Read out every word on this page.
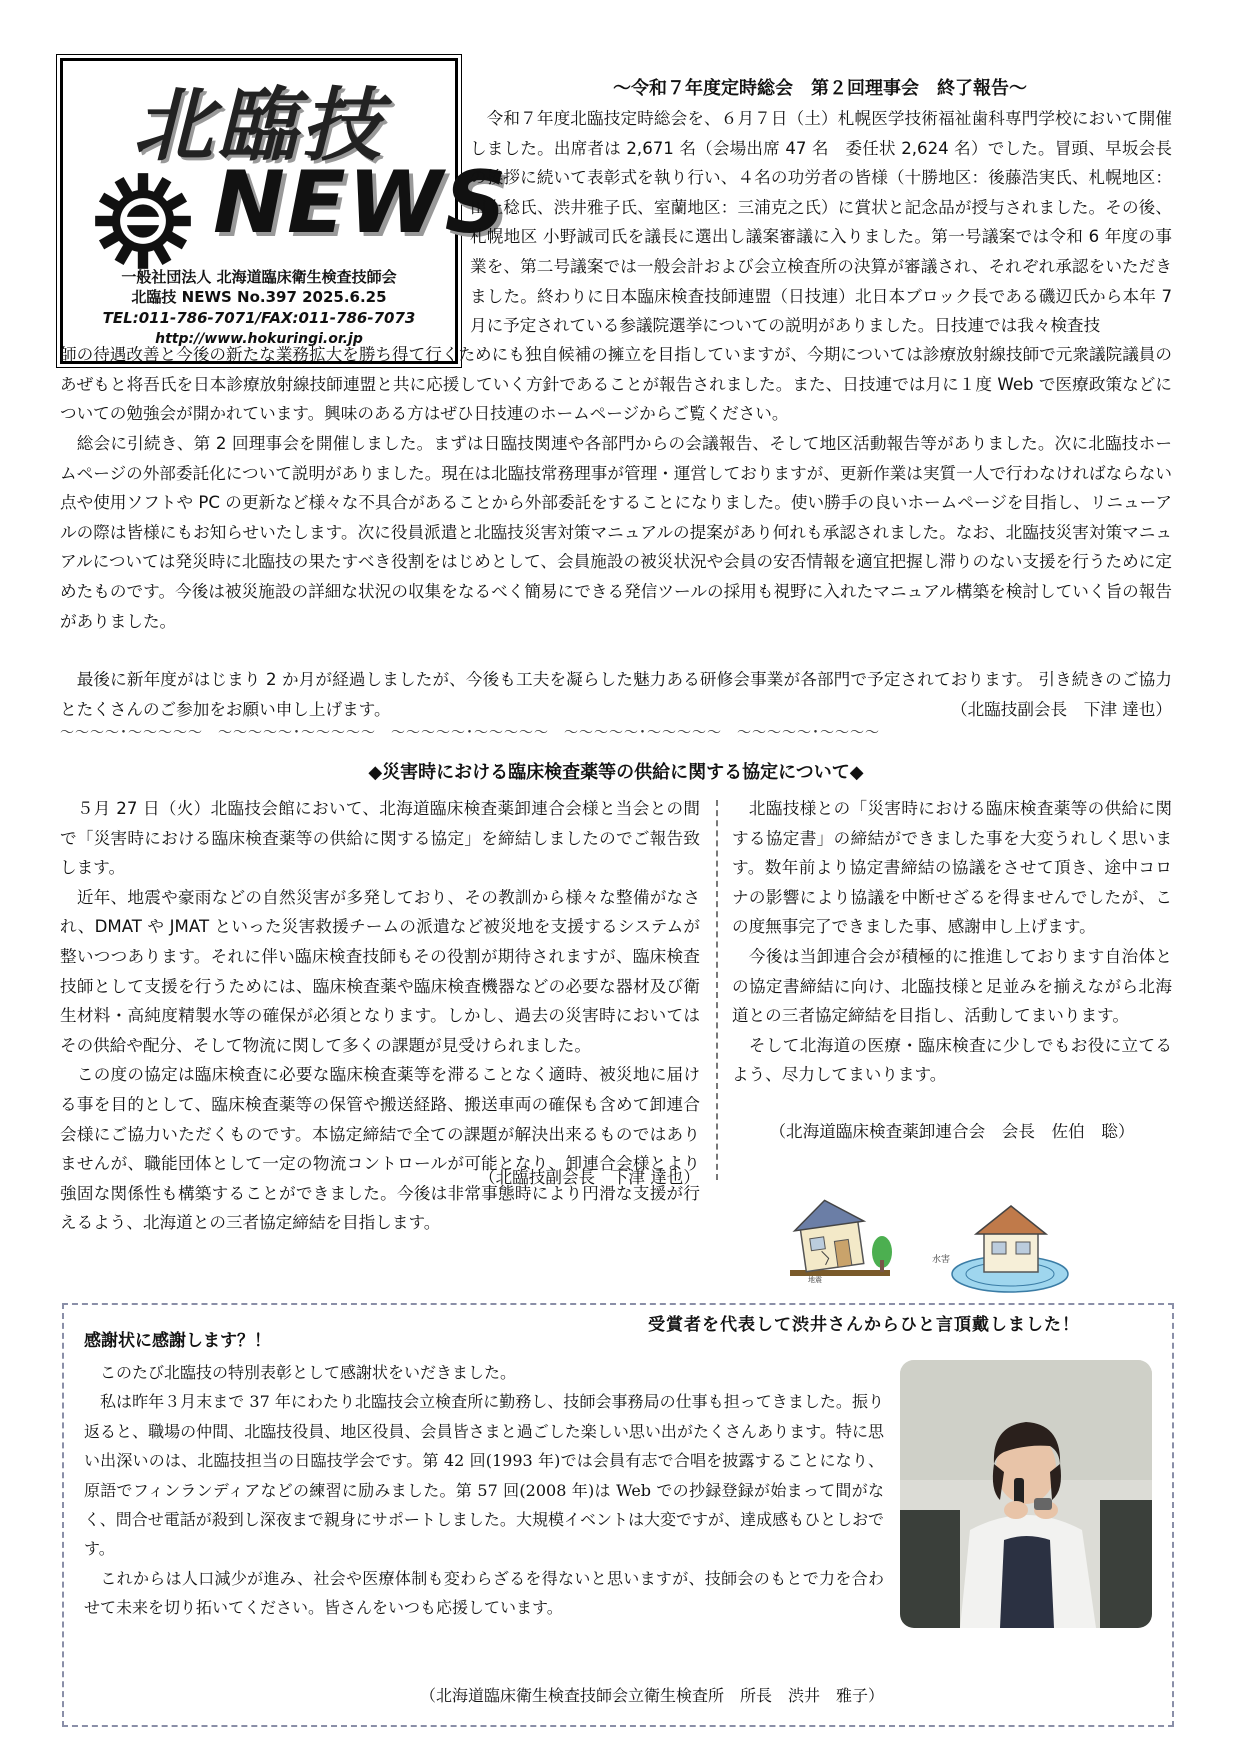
北臨技
NEWS
一般社団法人 北海道臨床衛生検査技師会
北臨技 NEWS No.397 2025.6.25
TEL:011-786-7071/FAX:011-786-7073
http://www.hokuringi.or.jp
～令和７年度定時総会　第２回理事会　終了報告～
　令和７年度北臨技定時総会を、６月７日（土）札幌医学技術福祉歯科専門学校において開催しました。出席者は 2,671 名（会場出席 47 名　委任状 2,624 名）でした。冒頭、早坂会長の挨拶に続いて表彰式を執り行い、４名の功労者の皆様（十勝地区：後藤浩実氏、札幌地区：田上稔氏、渋井雅子氏、室蘭地区：三浦克之氏）に賞状と記念品が授与されました。その後、札幌地区 小野誠司氏を議長に選出し議案審議に入りました。第一号議案では令和 6 年度の事業を、第二号議案では一般会計および会立検査所の決算が審議され、それぞれ承認をいただきました。終わりに日本臨床検査技師連盟（日技連）北日本ブロック長である磯辺氏から本年 7 月に予定されている参議院選挙についての説明がありました。日技連では我々検査技
師の待遇改善と今後の新たな業務拡大を勝ち得て行くためにも独自候補の擁立を目指していますが、今期については診療放射線技師で元衆議院議員のあぜもと将吾氏を日本診療放射線技師連盟と共に応援していく方針であることが報告されました。また、日技連では月に１度 Web で医療政策などについての勉強会が開かれています。興味のある方はぜひ日技連のホームページからご覧ください。
　総会に引続き、第 2 回理事会を開催しました。まずは日臨技関連や各部門からの会議報告、そして地区活動報告等がありました。次に北臨技ホームページの外部委託化について説明がありました。現在は北臨技常務理事が管理・運営しておりますが、更新作業は実質一人で行わなければならない点や使用ソフトや PC の更新など様々な不具合があることから外部委託をすることになりました。使い勝手の良いホームページを目指し、リニューアルの際は皆様にもお知らせいたします。次に役員派遣と北臨技災害対策マニュアルの提案があり何れも承認されました。なお、北臨技災害対策マニュアルについては発災時に北臨技の果たすべき役割をはじめとして、会員施設の被災状況や会員の安否情報を適宜把握し滞りのない支援を行うために定めたものです。今後は被災施設の詳細な状況の収集をなるべく簡易にできる発信ツールの採用も視野に入れたマニュアル構築を検討していく旨の報告がありました。
　最後に新年度がはじまり 2 か月が経過しましたが、今後も工夫を凝らした魅力ある研修会事業が各部門で予定されております。 引き続きのご協力とたくさんのご参加をお願い申し上げます。	（北臨技副会長　下津 達也）
～～～～･～～～～～　～～～～～･～～～～～　～～～～～･～～～～～　～～～～～･～～～～～　～～～～～･～～～～
◆災害時における臨床検査薬等の供給に関する協定について◆
　５月 27 日（火）北臨技会館において、北海道臨床検査薬卸連合会様と当会との間で「災害時における臨床検査薬等の供給に関する協定」を締結しましたのでご報告致します。
　近年、地震や豪雨などの自然災害が多発しており、その教訓から様々な整備がなされ、DMAT や JMAT といった災害救援チームの派遣など被災地を支援するシステムが整いつつあります。それに伴い臨床検査技師もその役割が期待されますが、臨床検査技師として支援を行うためには、臨床検査薬や臨床検査機器などの必要な器材及び衛生材料・高純度精製水等の確保が必須となります。しかし、過去の災害時においてはその供給や配分、そして物流に関して多くの課題が見受けられました。
　この度の協定は臨床検査に必要な臨床検査薬等を滞ることなく適時、被災地に届ける事を目的として、臨床検査薬等の保管や搬送経路、搬送車両の確保も含めて卸連合会様にご協力いただくものです。本協定締結で全ての課題が解決出来るものではありませんが、職能団体として一定の物流コントロールが可能となり、卸連合会様とより強固な関係性も構築することができました。今後は非常事態時により円滑な支援が行えるよう、北海道との三者協定締結を目指します。
（北臨技副会長　下津 達也）
　北臨技様との「災害時における臨床検査薬等の供給に関する協定書」の締結ができました事を大変うれしく思います。数年前より協定書締結の協議をさせて頂き、途中コロナの影響により協議を中断せざるを得ませんでしたが、この度無事完了できました事、感謝申し上げます。
　今後は当卸連合会が積極的に推進しております自治体との協定書締結に向け、北臨技様と足並みを揃えながら北海道との三者協定締結を目指し、活動してまいります。
　そして北海道の医療・臨床検査に少しでもお役に立てるよう、尽力してまいります。
（北海道臨床検査薬卸連合会　会長　佐伯　聡）
地震
水害
受賞者を代表して渋井さんからひと言頂戴しました！
感謝状に感謝します？！
　このたび北臨技の特別表彰として感謝状をいだきました。
　私は昨年３月末まで 37 年にわたり北臨技会立検査所に勤務し、技師会事務局の仕事も担ってきました。振り返ると、職場の仲間、北臨技役員、地区役員、会員皆さまと過ごした楽しい思い出がたくさんあります。特に思い出深いのは、北臨技担当の日臨技学会です。第 42 回(1993 年)では会員有志で合唱を披露することになり、原語でフィンランディアなどの練習に励みました。第 57 回(2008 年)は Web での抄録登録が始まって間がなく、問合せ電話が殺到し深夜まで親身にサポートしました。大規模イベントは大変ですが、達成感もひとしおです。
　これからは人口減少が進み、社会や医療体制も変わらざるを得ないと思いますが、技師会のもとで力を合わせて未来を切り拓いてください。皆さんをいつも応援しています。
（北海道臨床衛生検査技師会立衛生検査所　所長　渋井　雅子）
